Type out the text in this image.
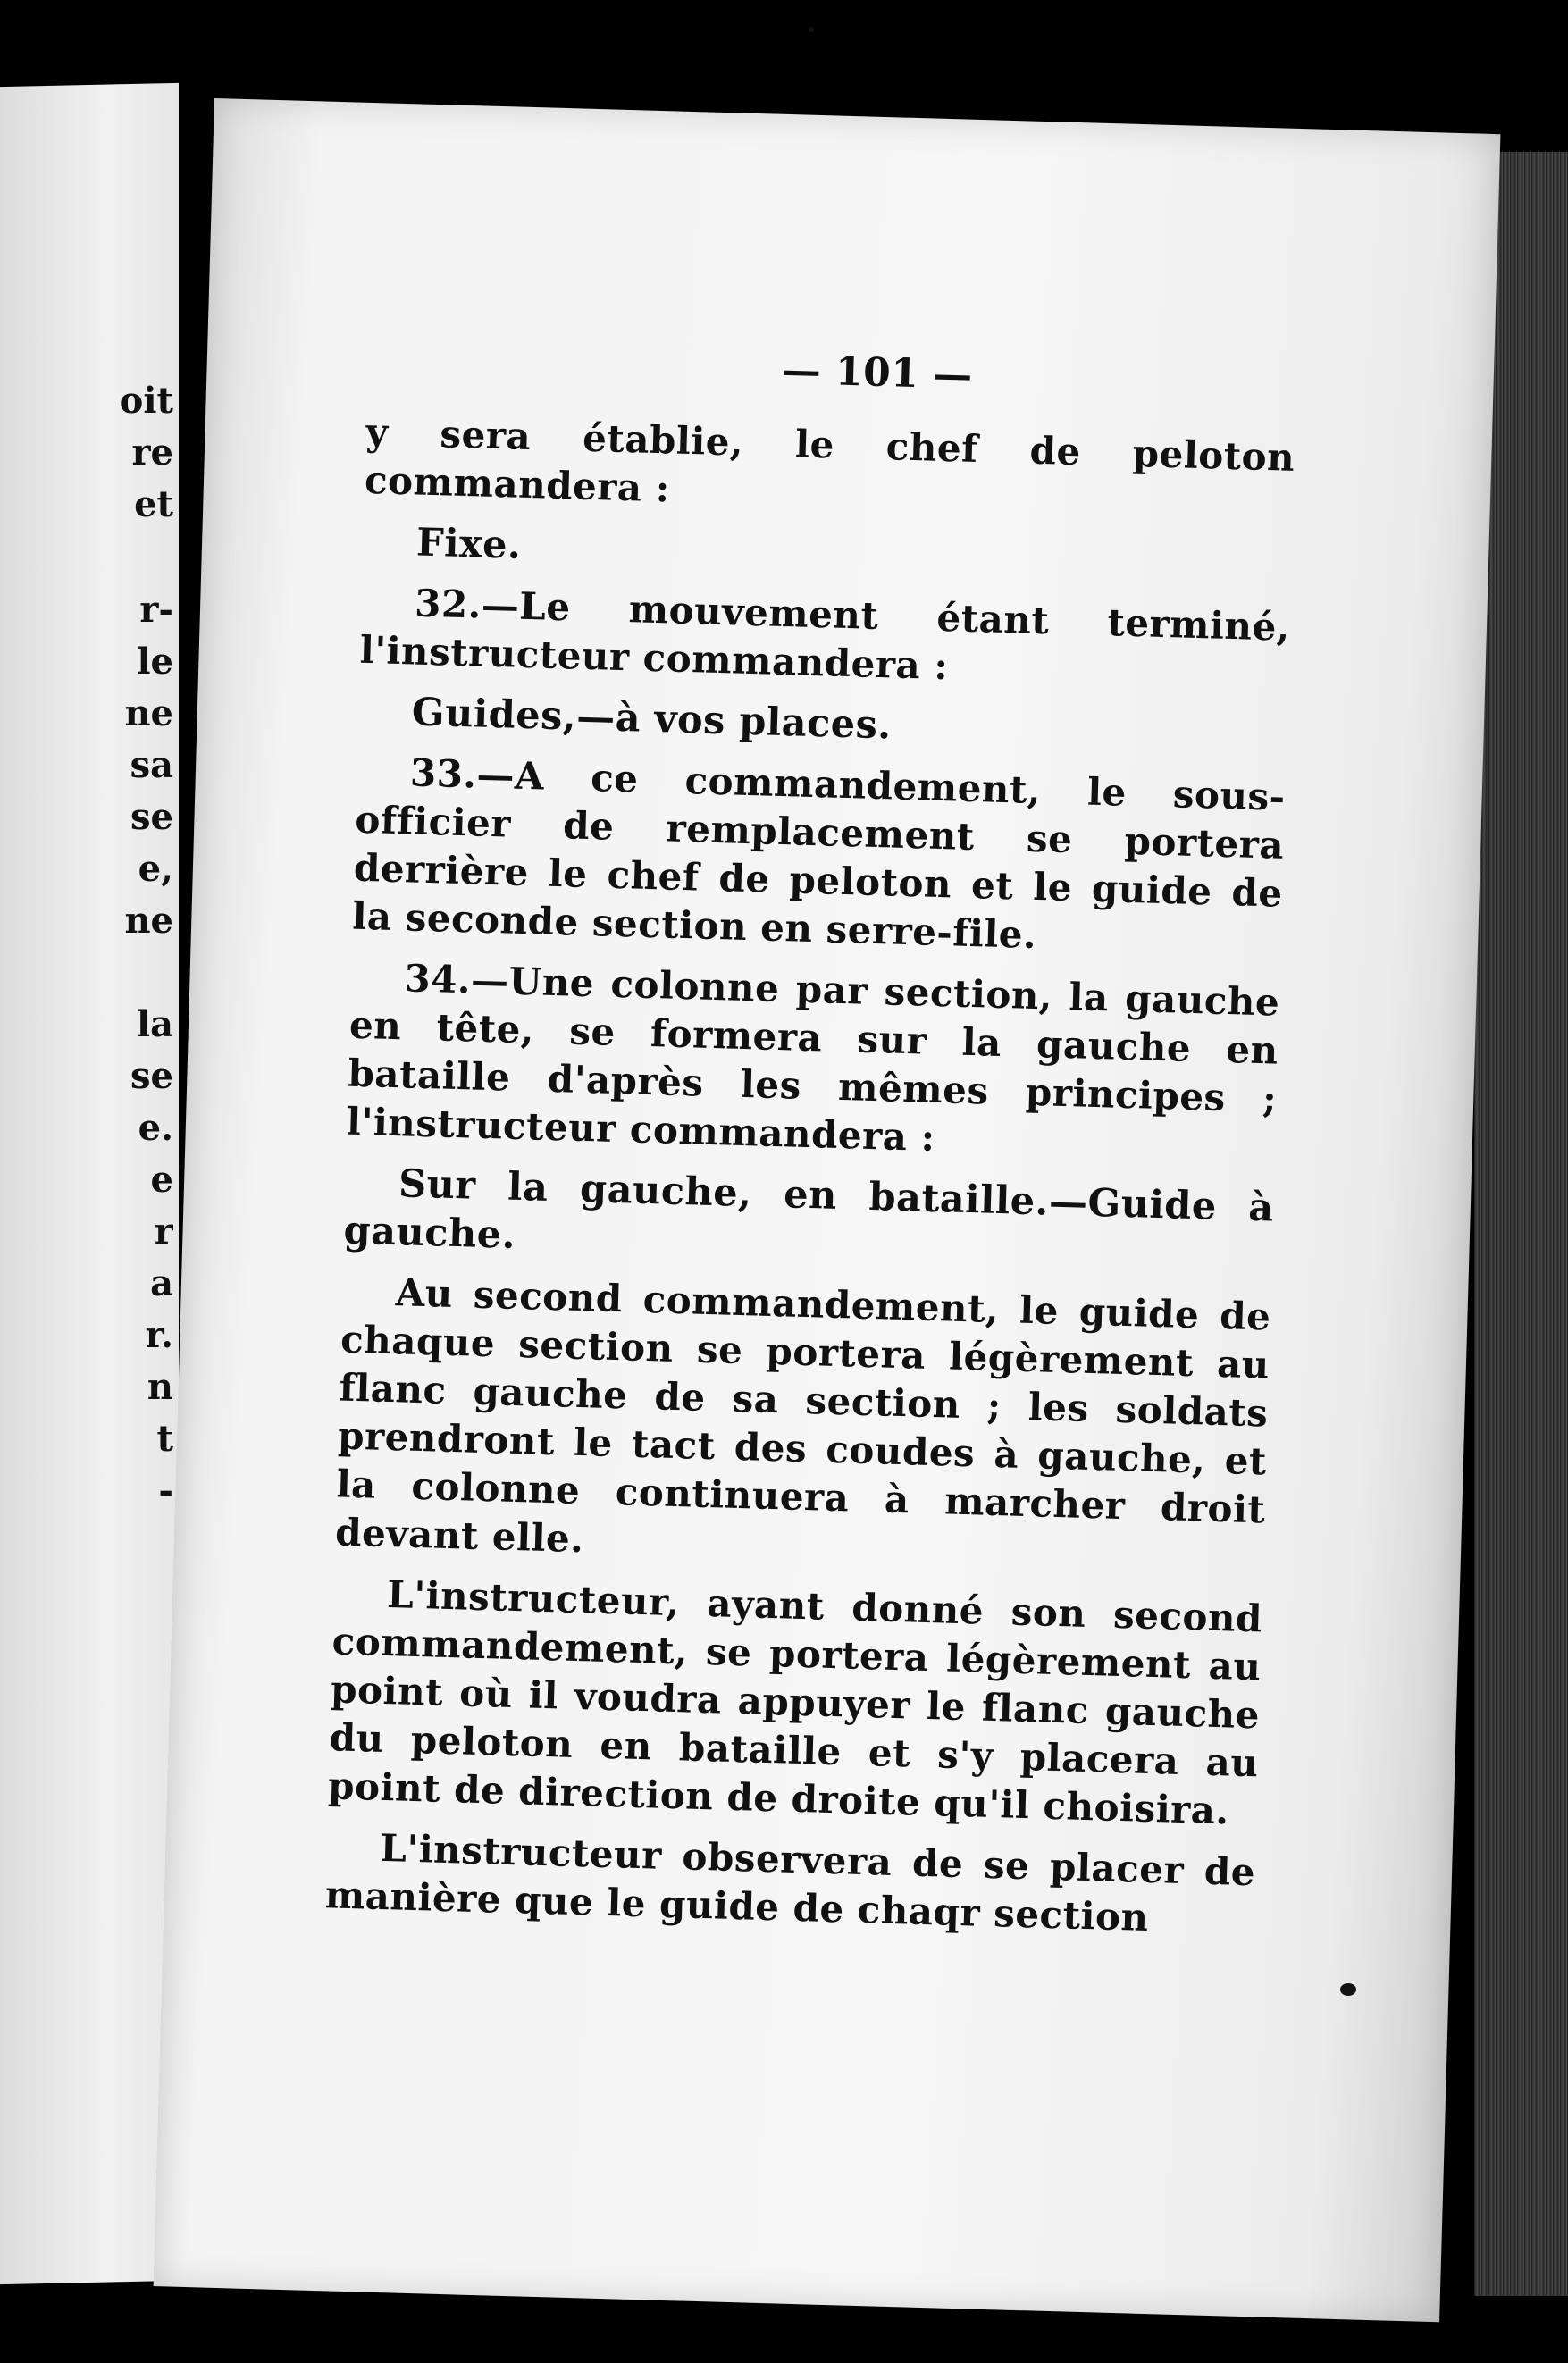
oit
re
et
r-
le
ne
sa
se
e,
ne
la
se
e.
e
r
a
r.
n
t
-
— 101 —

y sera établie, le chef de peloton commandera :

Fixe.

32.—Le mouvement étant terminé, l'instructeur commandera :

Guides,—à vos places.

33.—A ce commandement, le sous-officier de remplacement se portera derrière le chef de peloton et le guide de la seconde section en serre-file.

34.—Une colonne par section, la gauche en tête, se formera sur la gauche en bataille d'après les mêmes principes ; l'instructeur commandera :

Sur la gauche, en bataille.—Guide à gauche.

Au second commandement, le guide de chaque section se portera légèrement au flanc gauche de sa section ; les soldats prendront le tact des coudes à gauche, et la colonne continuera à marcher droit devant elle.

L'instructeur, ayant donné son second commandement, se portera légèrement au point où il voudra appuyer le flanc gauche du peloton en bataille et s'y placera au point de direction de droite qu'il choisira.

L'instructeur observera de se placer de manière que le guide de chaqr section
